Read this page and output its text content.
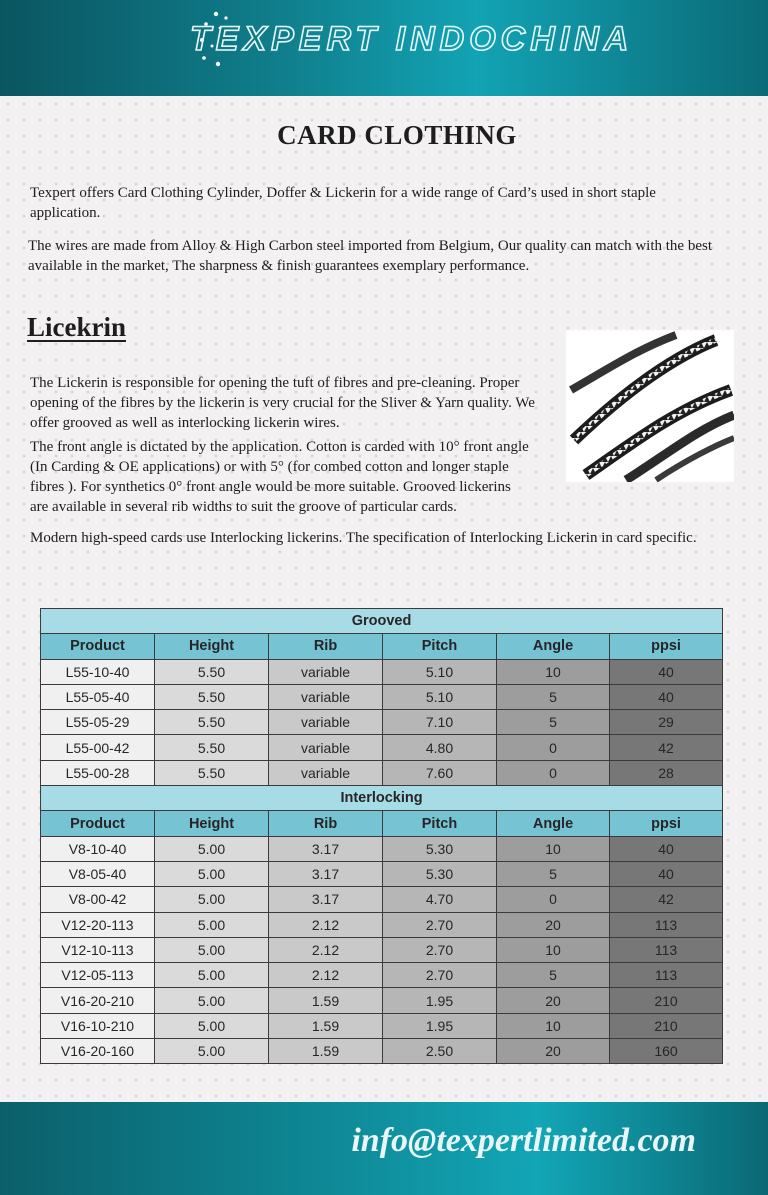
TEXPERT INDOCHINA
CARD CLOTHING

Texpert offers Card Clothing Cylinder, Doffer & Lickerin for a wide range of Card’s used in short staple application.

The wires are made from Alloy & High Carbon steel imported from Belgium, Our quality can match with the best available in the market, The sharpness & finish guarantees exemplary performance.

Licekrin

The Lickerin is responsible for opening the tuft of fibres and pre-cleaning. Proper opening of the fibres by the lickerin is very crucial for the Sliver & Yarn quality. We offer grooved as well as interlocking lickerin wires.

The front angle is dictated by the application. Cotton is carded with 10° front angle (In Carding & OE applications) or with 5° (for combed cotton and longer staple fibres ). For synthetics 0° front angle would be more suitable. Grooved lickerins are available in several rib widths to suit the groove of particular cards.

Modern high-speed cards use Interlocking lickerins. The specification of Interlocking Lickerin in card specific.

Grooved					
Product	Height	Rib	Pitch	Angle	ppsi
L55-10-40	5.50	variable	5.10	10	40
L55-05-40	5.50	variable	5.10	5	40
L55-05-29	5.50	variable	7.10	5	29
L55-00-42	5.50	variable	4.80	0	42
L55-00-28	5.50	variable	7.60	0	28
Interlocking					
Product	Height	Rib	Pitch	Angle	ppsi
V8-10-40	5.00	3.17	5.30	10	40
V8-05-40	5.00	3.17	5.30	5	40
V8-00-42	5.00	3.17	4.70	0	42
V12-20-113	5.00	2.12	2.70	20	113
V12-10-113	5.00	2.12	2.70	10	113
V12-05-113	5.00	2.12	2.70	5	113
V16-20-210	5.00	1.59	1.95	20	210
V16-10-210	5.00	1.59	1.95	10	210
V16-20-160	5.00	1.59	2.50	20	160
info@texpertlimited.com
